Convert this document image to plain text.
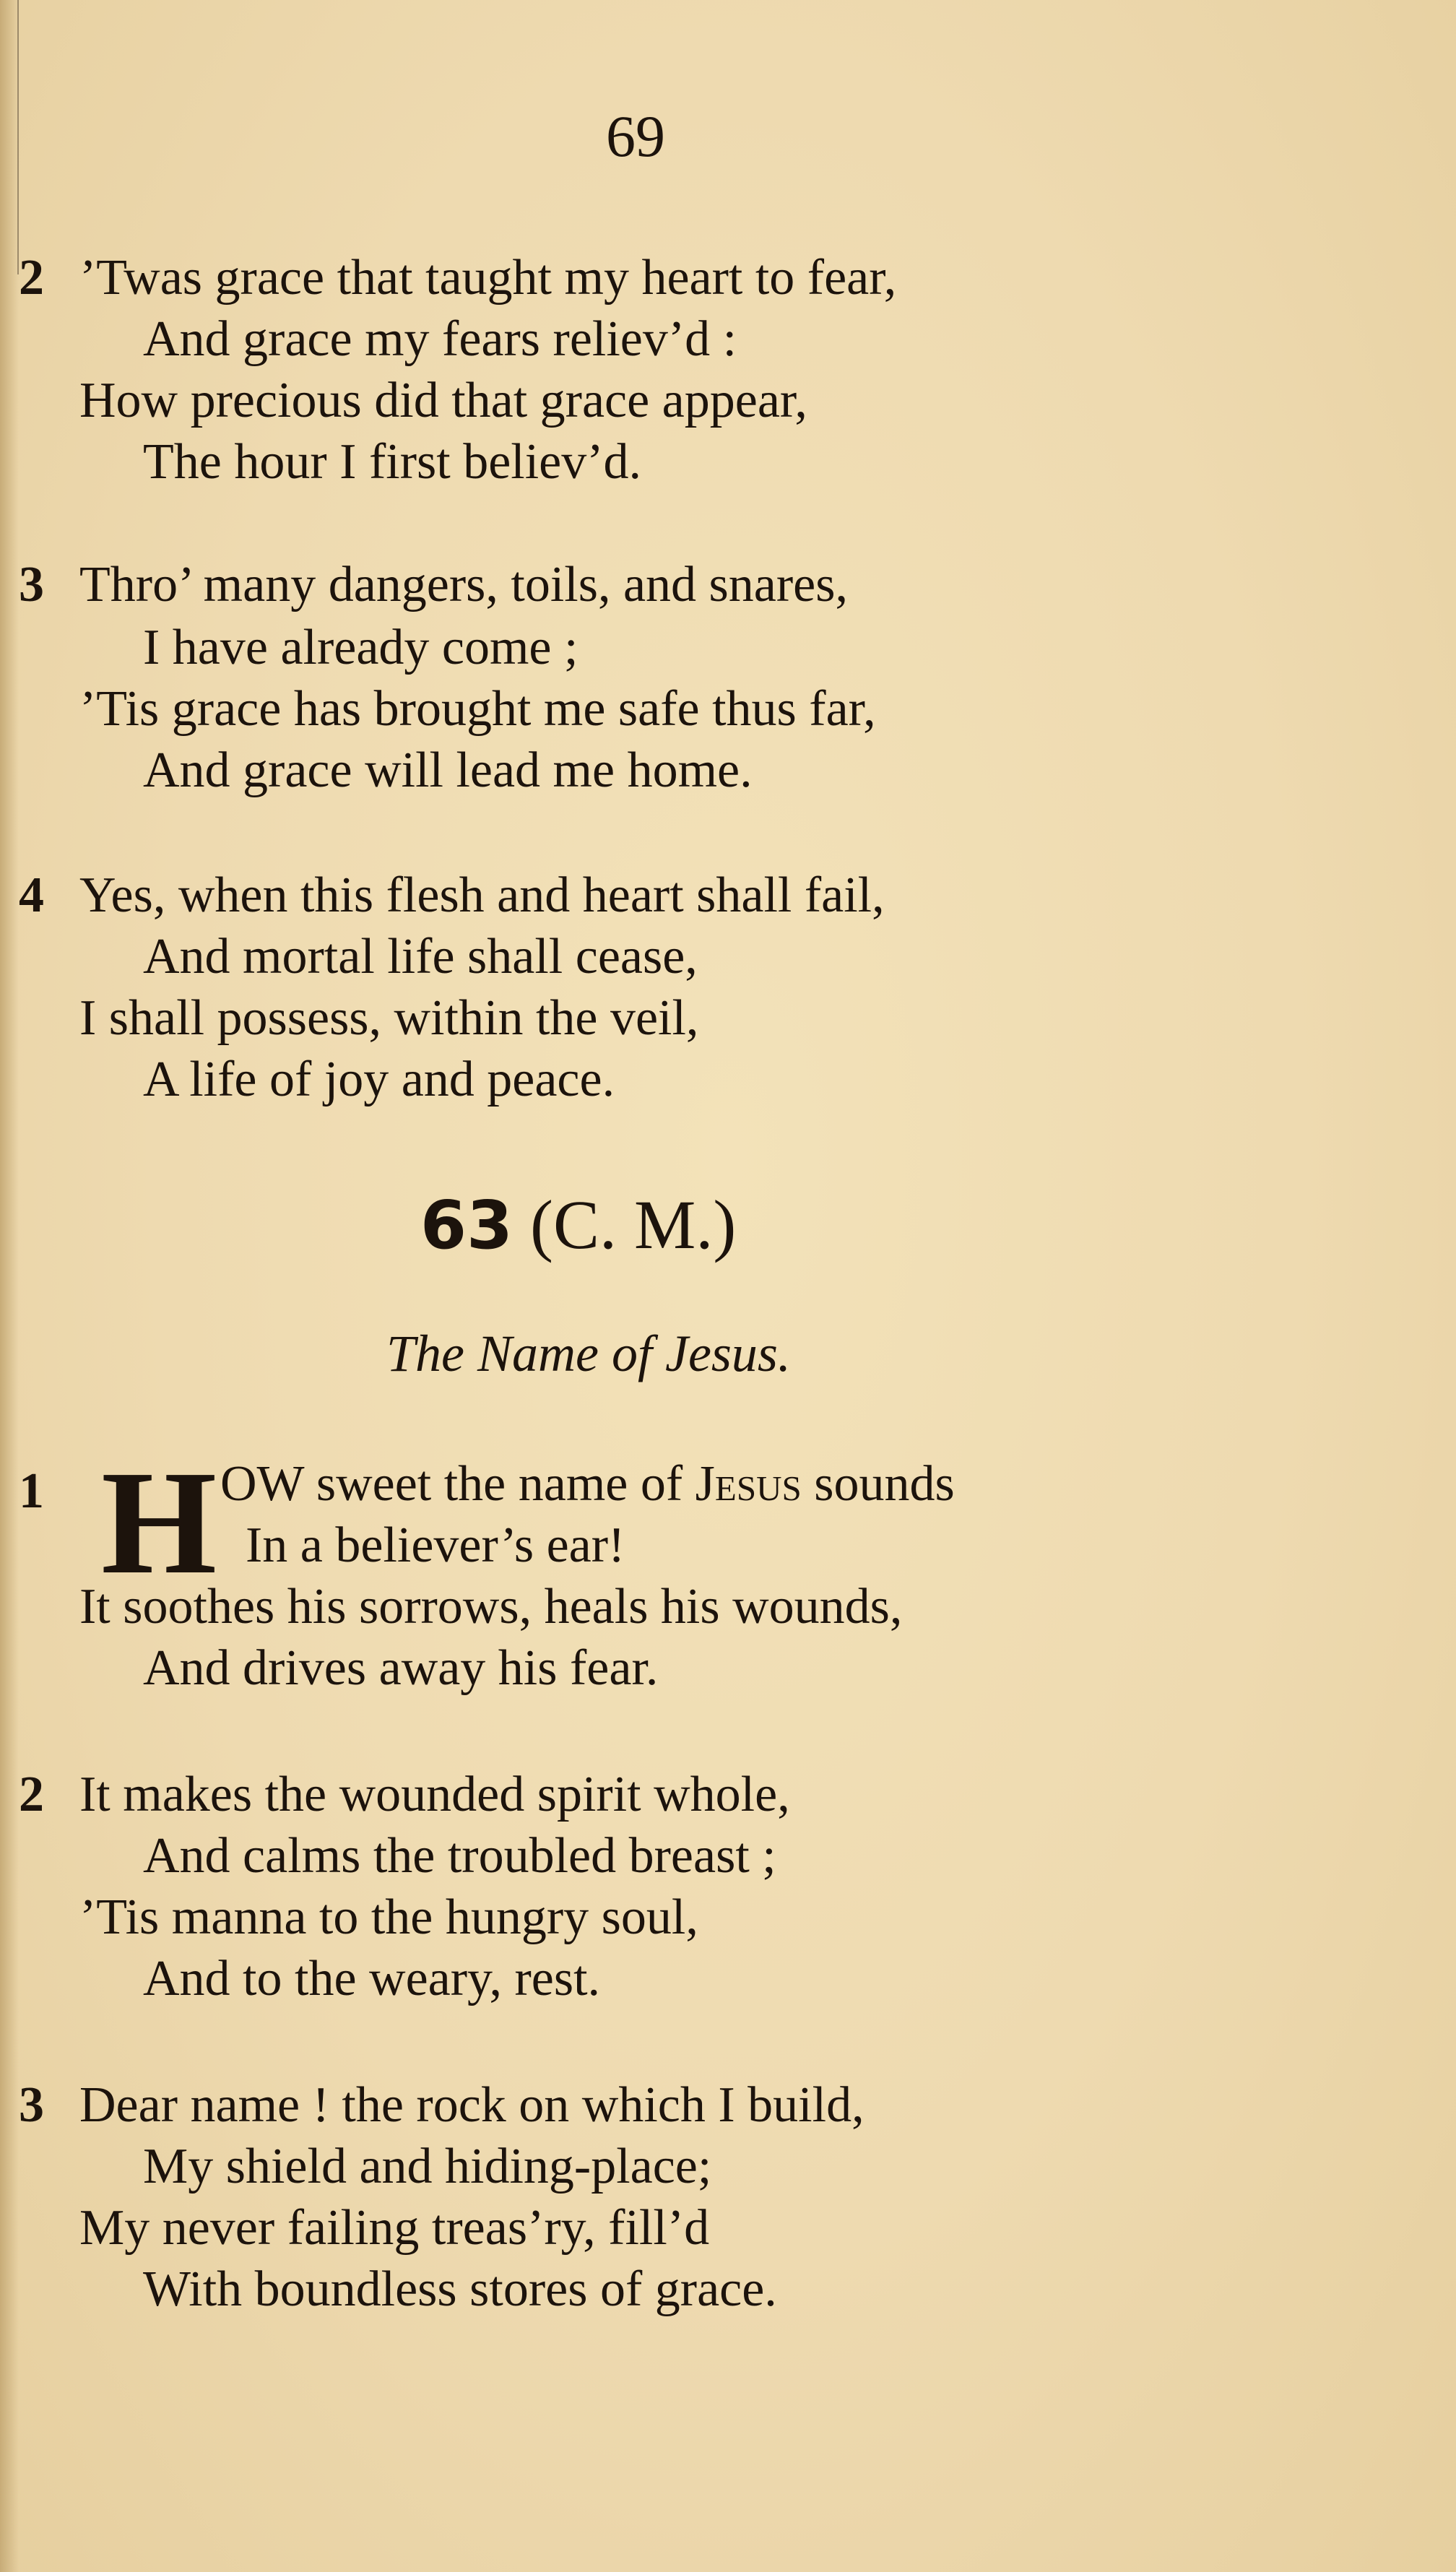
69
2 ’Twas grace that taught my heart to fear,
And grace my fears reliev’d :
How precious did that grace appear,
The hour I first believ’d.
3 Thro’ many dangers, toils, and snares,
I have already come ;
’Tis grace has brought me safe thus far,
And grace will lead me home.
4 Yes, when this flesh and heart shall fail,
And mortal life shall cease,
I shall possess, within the veil,
A life of joy and peace.
63 (C. M.)
The Name of Jesus.
1 H OW sweet the name of Jesus sounds
In a believer’s ear!
It soothes his sorrows, heals his wounds,
And drives away his fear.
2 It makes the wounded spirit whole,
And calms the troubled breast ;
’Tis manna to the hungry soul,
And to the weary, rest.
3 Dear name ! the rock on which I build,
My shield and hiding-place;
My never failing treas’ry, fill’d
With boundless stores of grace.
